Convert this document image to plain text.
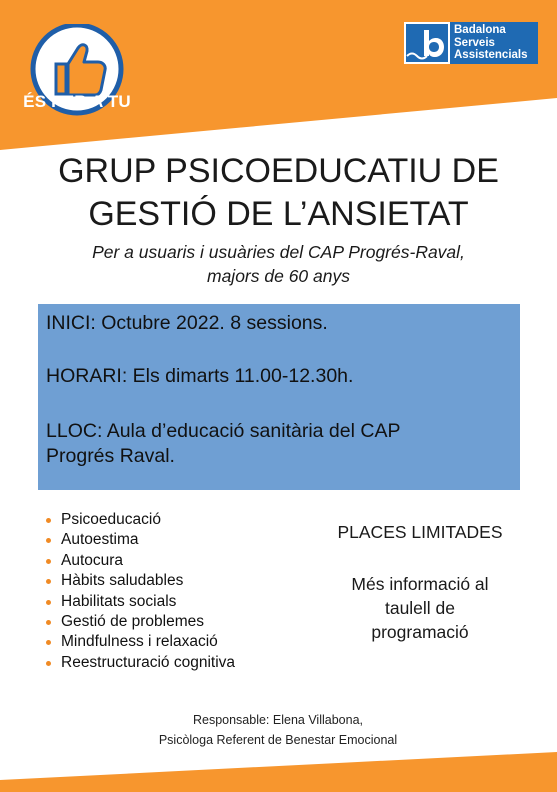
ÉS PER A TU
Badalona
Serveis
Assistencials
GRUP PSICOEDUCATIU DE
GESTIÓ DE L’ANSIETAT
Per a usuaris i usuàries del CAP Progrés-Raval,
majors de 60 anys

INICI: Octubre 2022. 8 sessions.

HORARI: Els dimarts 11.00-12.30h.

LLOC: Aula d’educació sanitària del CAP

Progrés Raval.

Psicoeducació
Autoestima
Autocura
Hàbits saludables
Habilitats socials
Gestió de problemes
Mindfulness i relaxació
Reestructuració cognitiva

PLACES LIMITADES

Més informació al
taulell de
programació
Responsable: Elena Villabona,
Psicòloga Referent de Benestar Emocional
